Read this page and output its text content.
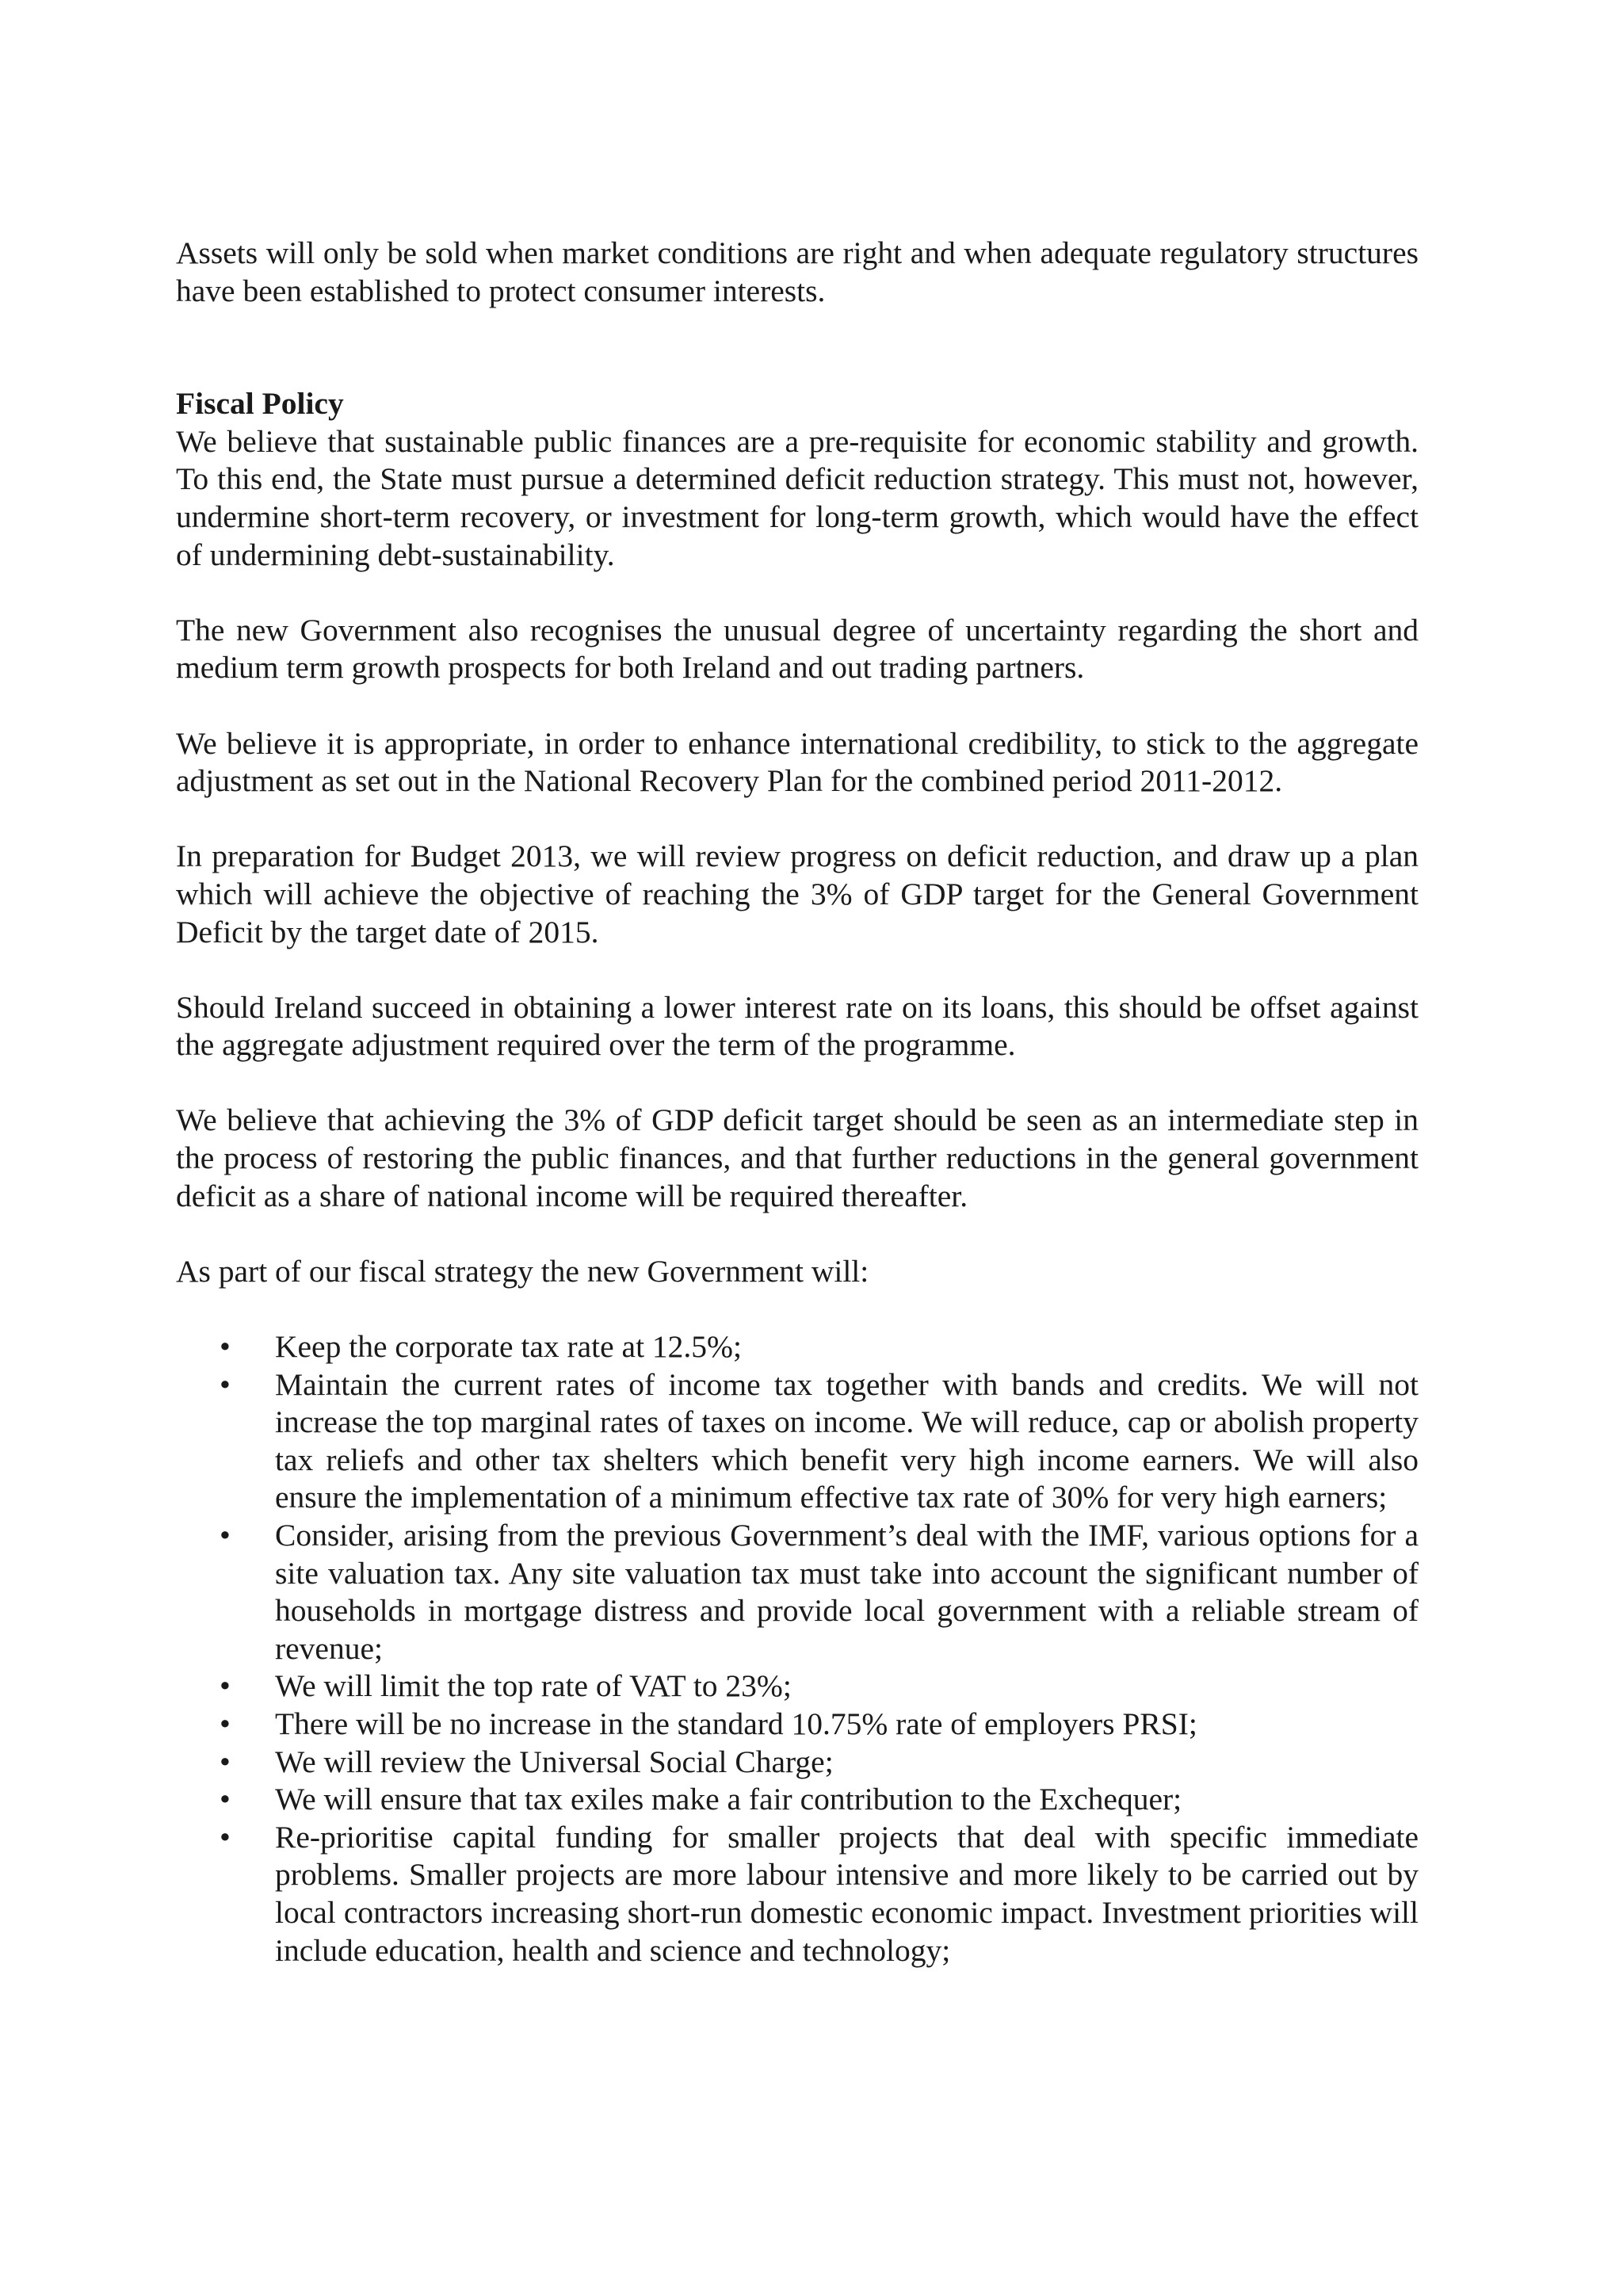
Assets will only be sold when market conditions are right and when adequate regulatory structures have been established to protect consumer interests.

Fiscal Policy

We believe that sustainable public finances are a pre-requisite for economic stability and growth. To this end, the State must pursue a determined deficit reduction strategy. This must not, however, undermine short-term recovery, or investment for long-term growth, which would have the effect of undermining debt-sustainability.

The new Government also recognises the unusual degree of uncertainty regarding the short and medium term growth prospects for both Ireland and out trading partners.

We believe it is appropriate, in order to enhance international credibility, to stick to the aggregate adjustment as set out in the National Recovery Plan for the combined period 2011-2012.

In preparation for Budget 2013, we will review progress on deficit reduction, and draw up a plan which will achieve the objective of reaching the 3% of GDP target for the General Government Deficit by the target date of 2015.

Should Ireland succeed in obtaining a lower interest rate on its loans, this should be offset against the aggregate adjustment required over the term of the programme.

We believe that achieving the 3% of GDP deficit target should be seen as an intermediate step in the process of restoring the public finances, and that further reductions in the general government deficit as a share of national income will be required thereafter.

As part of our fiscal strategy the new Government will:

• Keep the corporate tax rate at 12.5%;
• Maintain the current rates of income tax together with bands and credits. We will not increase the top marginal rates of taxes on income. We will reduce, cap or abolish property tax reliefs and other tax shelters which benefit very high income earners. We will also ensure the implementation of a minimum effective tax rate of 30% for very high earners;
• Consider, arising from the previous Government’s deal with the IMF, various options for a site valuation tax. Any site valuation tax must take into account the significant number of households in mortgage distress and provide local government with a reliable stream of revenue;
• We will limit the top rate of VAT to 23%;
• There will be no increase in the standard 10.75% rate of employers PRSI;
• We will review the Universal Social Charge;
• We will ensure that tax exiles make a fair contribution to the Exchequer;
• Re-prioritise capital funding for smaller projects that deal with specific immediate problems. Smaller projects are more labour intensive and more likely to be carried out by local contractors increasing short-run domestic economic impact. Investment priorities will include education, health and science and technology;
